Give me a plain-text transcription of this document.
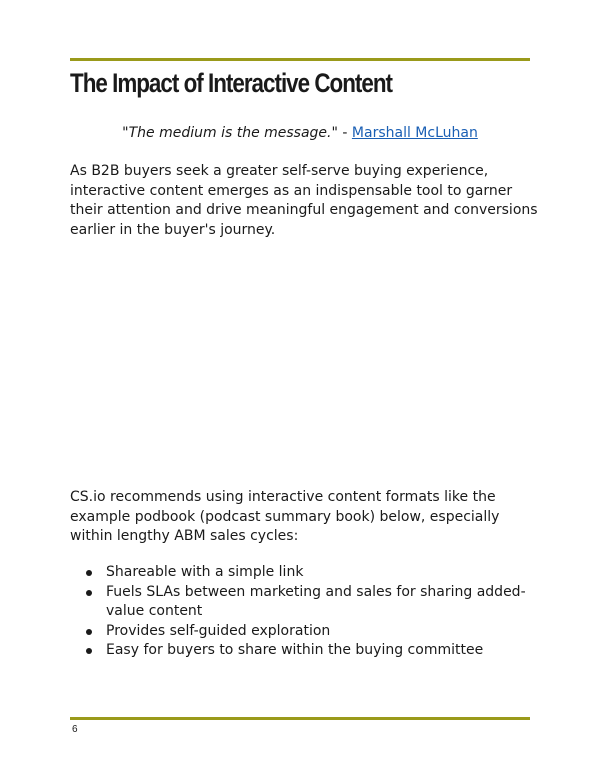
The Impact of Interactive Content
"The medium is the message." - Marshall McLuhan

As B2B buyers seek a greater self-serve buying experience, interactive content emerges as an indispensable tool to garner their attention and drive meaningful engagement and conversions earlier in the buyer's journey.

CS.io recommends using interactive content formats like the example podbook (podcast summary book) below, especially within lengthy ABM sales cycles:

Shareable with a simple link
Fuels SLAs between marketing and sales for sharing added-value content
Provides self-guided exploration
Easy for buyers to share within the buying committee
6
